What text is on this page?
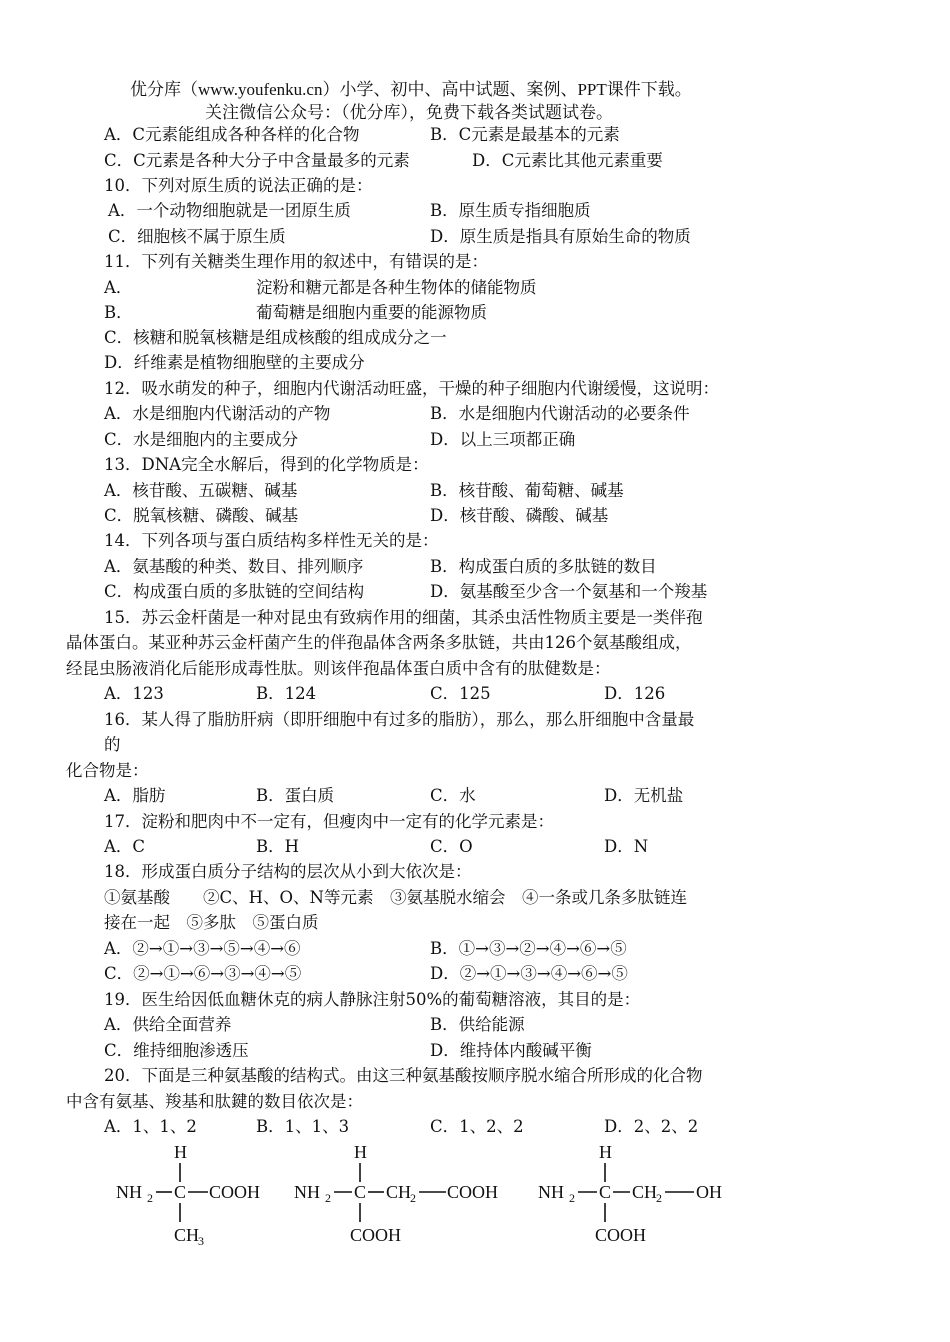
优分库（www.youfenku.cn）小学、初中、高中试题、案例、PPT课件下载。
关注微信公众号：（优分库），免费下载各类试题试卷。
A．C元素能组成各种各样的化合物	B．C元素是最基本的元素
C．C元素是各种大分子中含量最多的元素	D．C元素比其他元素重要
10．下列对原生质的说法正确的是：
A．一个动物细胞就是一团原生质	B．原生质专指细胞质
C．细胞核不属于原生质	D．原生质是指具有原始生命的物质
11．下列有关糖类生理作用的叙述中，有错误的是：
A．	淀粉和糖元都是各种生物体的储能物质
B．	葡萄糖是细胞内重要的能源物质
C．核糖和脱氧核糖是组成核酸的组成成分之一
D．纤维素是植物细胞壁的主要成分
12．吸水萌发的种子，细胞内代谢活动旺盛，干燥的种子细胞内代谢缓慢，这说明：
A．水是细胞内代谢活动的产物	B．水是细胞内代谢活动的必要条件
C．水是细胞内的主要成分	D．以上三项都正确
13．DNA完全水解后，得到的化学物质是：
A．核苷酸、五碳糖、碱基	B．核苷酸、葡萄糖、碱基
C．脱氧核糖、磷酸、碱基	D．核苷酸、磷酸、碱基
14．下列各项与蛋白质结构多样性无关的是：
A．氨基酸的种类、数目、排列顺序	B．构成蛋白质的多肽链的数目
C．构成蛋白质的多肽链的空间结构	D．氨基酸至少含一个氨基和一个羧基
15．苏云金杆菌是一种对昆虫有致病作用的细菌，其杀虫活性物质主要是一类伴孢
晶体蛋白。某亚种苏云金杆菌产生的伴孢晶体含两条多肽链，共由126个氨基酸组成，
经昆虫肠液消化后能形成毒性肽。则该伴孢晶体蛋白质中含有的肽健数是：
A．123	B．124	C．125	D．126
16．某人得了脂肪肝病（即肝细胞中有过多的脂肪），那么，那么肝细胞中含量最
的
化合物是：
A．脂肪	B．蛋白质	C．水	D．无机盐
17．淀粉和肥肉中不一定有，但瘦肉中一定有的化学元素是：
A．C	B．H	C．O	D．N
18．形成蛋白质分子结构的层次从小到大依次是：
①氨基酸　　②C、H、O、N等元素　③氨基脱水缩会　④一条或几条多肽链连
接在一起　⑤多肽　⑤蛋白质
A．②→①→③→⑤→④→⑥	B．①→③→②→④→⑥→⑤
C．②→①→⑥→③→④→⑤	D．②→①→③→④→⑥→⑤
19．医生给因低血糖休克的病人静脉注射50%的葡萄糖溶液，其目的是：
A．供给全面营养	B．供给能源
C．维持细胞渗透压	D．维持体内酸碱平衡
20．下面是三种氨基酸的结构式。由这三种氨基酸按顺序脱水缩合所形成的化合物
中含有氨基、羧基和肽鍵的数目依次是：
A．1、1、2	B．1、1、3	C．1、2、2	D．2、2、2
H
NH 2 C COOH
CH
3
H
NH 2 C CH
2 COOH
COOH
H
NH 2 C CH
2 OH
COOH
